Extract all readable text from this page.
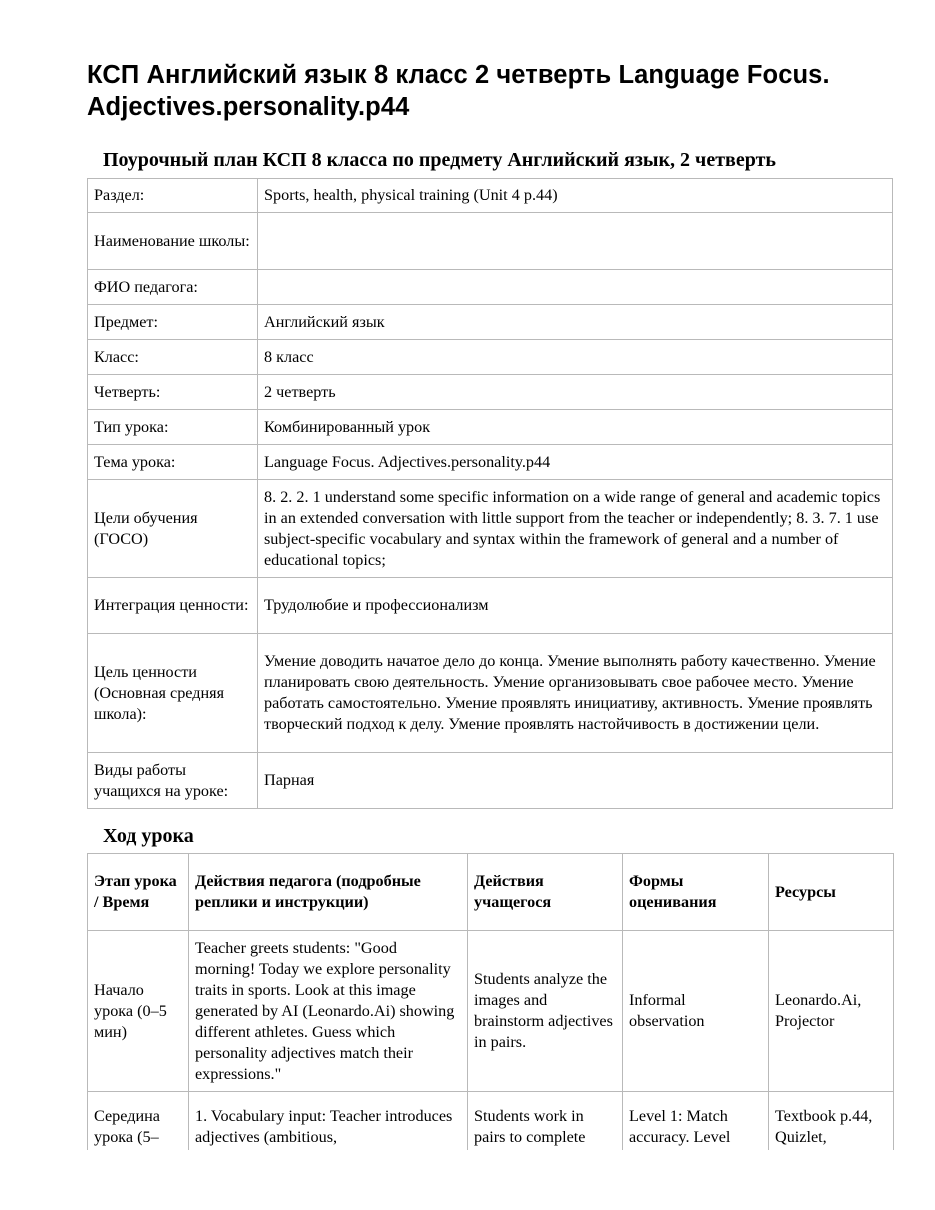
КСП Английский язык 8 класс 2 четверть Language Focus. Adjectives.personality.p44
Поурочный план КСП 8 класса по предмету Английский язык, 2 четверть
Раздел:	Sports, health, physical training (Unit 4 p.44)
Наименование школы:	
ФИО педагога:	
Предмет:	Английский язык
Класс:	8 класс
Четверть:	2 четверть
Тип урока:	Комбинированный урок
Тема урока:	Language Focus. Adjectives.personality.p44
Цели обучения (ГОСО)	8. 2. 2. 1 understand some specific information on a wide range of general and academic topics in an extended conversation with little support from the teacher or independently; 8. 3. 7. 1 use subject-specific vocabulary and syntax within the framework of general and a number of educational topics;
Интеграция ценности:	Трудолюбие и профессионализм
Цель ценности (Основная средняя школа):	Умение доводить начатое дело до конца. Умение выполнять работу качественно. Умение планировать свою деятельность. Умение организовывать свое рабочее место. Умение работать самостоятельно. Умение проявлять инициативу, активность. Умение проявлять творческий подход к делу. Умение проявлять настойчивость в достижении цели.
Виды работы учащихся на уроке:	Парная
Ход урока
Этап урока / Время	Действия педагога (подробные реплики и инструкции)	Действия учащегося	Формы оценивания	Ресурсы
Начало урока (0–5 мин)	Teacher greets students: "Good morning! Today we explore personality traits in sports. Look at this image generated by AI (Leonardo.Ai) showing different athletes. Guess which personality adjectives match their expressions."	Students analyze the images and brainstorm adjectives in pairs.	Informal observation	Leonardo.Ai, Projector
Середина урока (5–	1. Vocabulary input: Teacher introduces adjectives (ambitious,	Students work in pairs to complete	Level 1: Match accuracy. Level	Textbook p.44, Quizlet,
